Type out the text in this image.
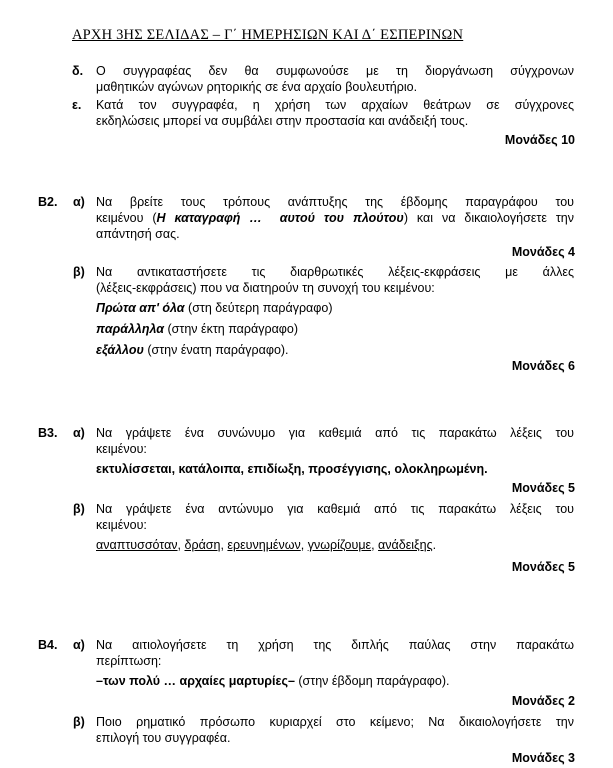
ΑΡΧΗ 3ΗΣ ΣΕΛΙΔΑΣ – Γ΄ ΗΜΕΡΗΣΙΩΝ ΚΑΙ Δ΄ ΕΣΠΕΡΙΝΩΝ
δ. Ο συγγραφέας δεν θα συμφωνούσε με τη διοργάνωση σύγχρονων
μαθητικών αγώνων ρητορικής σε ένα αρχαίο βουλευτήριο.
ε. Κατά τον συγγραφέα, η χρήση των αρχαίων θεάτρων σε σύγχρονες
εκδηλώσεις μπορεί να συμβάλει στην προστασία και ανάδειξή τους.
Μονάδες 10
Β2. α) Να βρείτε τους τρόπους ανάπτυξης της έβδομης παραγράφου του
κειμένου (Η καταγραφή … αυτού του πλούτου) και να δικαιολογήσετε την
απάντησή σας.
Μονάδες 4
β) Να αντικαταστήσετε τις διαρθρωτικές λέξεις-εκφράσεις με άλλες
(λέξεις-εκφράσεις) που να διατηρούν τη συνοχή του κειμένου:
Πρώτα απ' όλα (στη δεύτερη παράγραφο)
παράλληλα (στην έκτη παράγραφο)
εξάλλου (στην ένατη παράγραφο).
Μονάδες 6
Β3. α) Να γράψετε ένα συνώνυμο για καθεμιά από τις παρακάτω λέξεις του
κειμένου:
εκτυλίσσεται, κατάλοιπα, επιδίωξη, προσέγγισης, ολοκληρωμένη.
Μονάδες 5
β) Να γράψετε ένα αντώνυμο για καθεμιά από τις παρακάτω λέξεις του
κειμένου:
αναπτυσσόταν, δράση, ερευνημένων, γνωρίζουμε, ανάδειξης.
Μονάδες 5
Β4. α) Να αιτιολογήσετε τη χρήση της διπλής παύλας στην παρακάτω
περίπτωση:
–των πολύ … αρχαίες μαρτυρίες– (στην έβδομη παράγραφο).
Μονάδες 2
β) Ποιο ρηματικό πρόσωπο κυριαρχεί στο κείμενο; Να δικαιολογήσετε την
επιλογή του συγγραφέα.
Μονάδες 3
